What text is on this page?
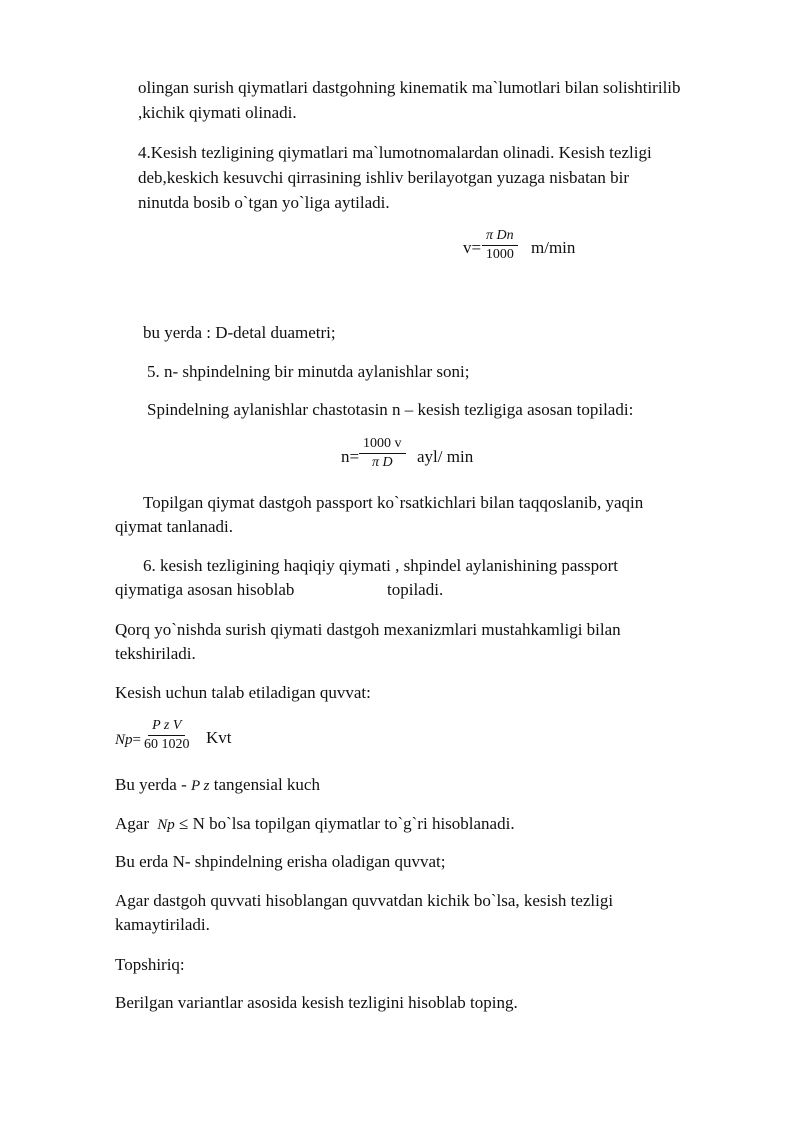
olingan surish qiymatlari dastgohning kinematik ma`lumotlari bilan solishtirilib
,kichik qiymati olinadi.
4.Kesish tezligining qiymatlari ma`lumotnomalardan olinadi. Kesish tezligi
deb,keskich kesuvchi qirrasining ishliv berilayotgan yuzaga nisbatan bir
ninutda bosib o`tgan yo`liga aytiladi.
$v= \frac{\text{π Dn}}{1000} m/\min$
bu yerda : D-detal duametri;
5. n- shpindelning bir minutda aylanishlar soni;
Spindelning aylanishlar chastotasin n – kesish tezligiga asosan topiladi:
$n= \frac{1000 v}{\text{π D}} ayl/$ min
Topilgan qiymat dastgoh passport ko`rsatkichlari bilan taqqoslanib, yaqin
qiymat tanlanadi.
6. kesish tezligining haqiqiy qiymati , shpindel aylanishining passport
qiymatiga asosan hisoblab	topiladi.
Qorq yo`nishda surish qiymati dastgoh mexanizmlari mustahkamligi bilan
tekshiriladi.
Kesish uchun talab etiladigan quvvat:
$Np= \frac{\text{P z V}}{60 1020}$ Kvt
Bu yerda - P z tangensial kuch
Agar Np ≤ N bo`lsa topilgan qiymatlar to`g`ri hisoblanadi.
Bu erda N- shpindelning erisha oladigan quvvat;
Agar dastgoh quvvati hisoblangan quvvatdan kichik bo`lsa, kesish tezligi
kamaytiriladi.
Topshiriq:
Berilgan variantlar asosida kesish tezligini hisoblab toping.
